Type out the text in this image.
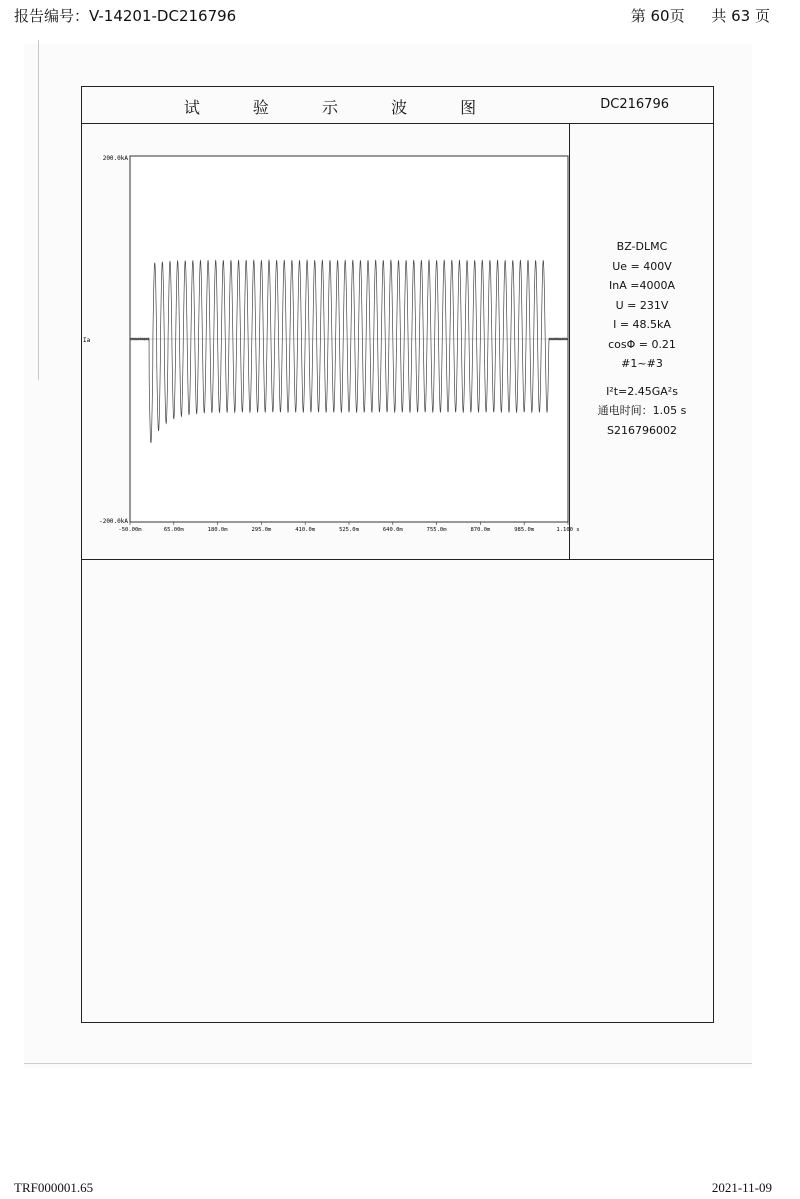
报告编号：V-14201-DC216796	第 60页 共 63 页
试 验 示 波 图	DC216796
BZ-DLMC
Ue = 400V
InA =4000A
U = 231V
I = 48.5kA
cosΦ = 0.21
#1~#3
I²t=2.45GA²s
通电时间：1.05 s
S216796002
200.0kA
-200.0kA
Ia
-50.00m	65.00m	180.0m	295.0m	410.0m	525.0m	640.0m	755.0m	870.0m	985.0m	1.100 s
TRF000001.65	2021-11-09
